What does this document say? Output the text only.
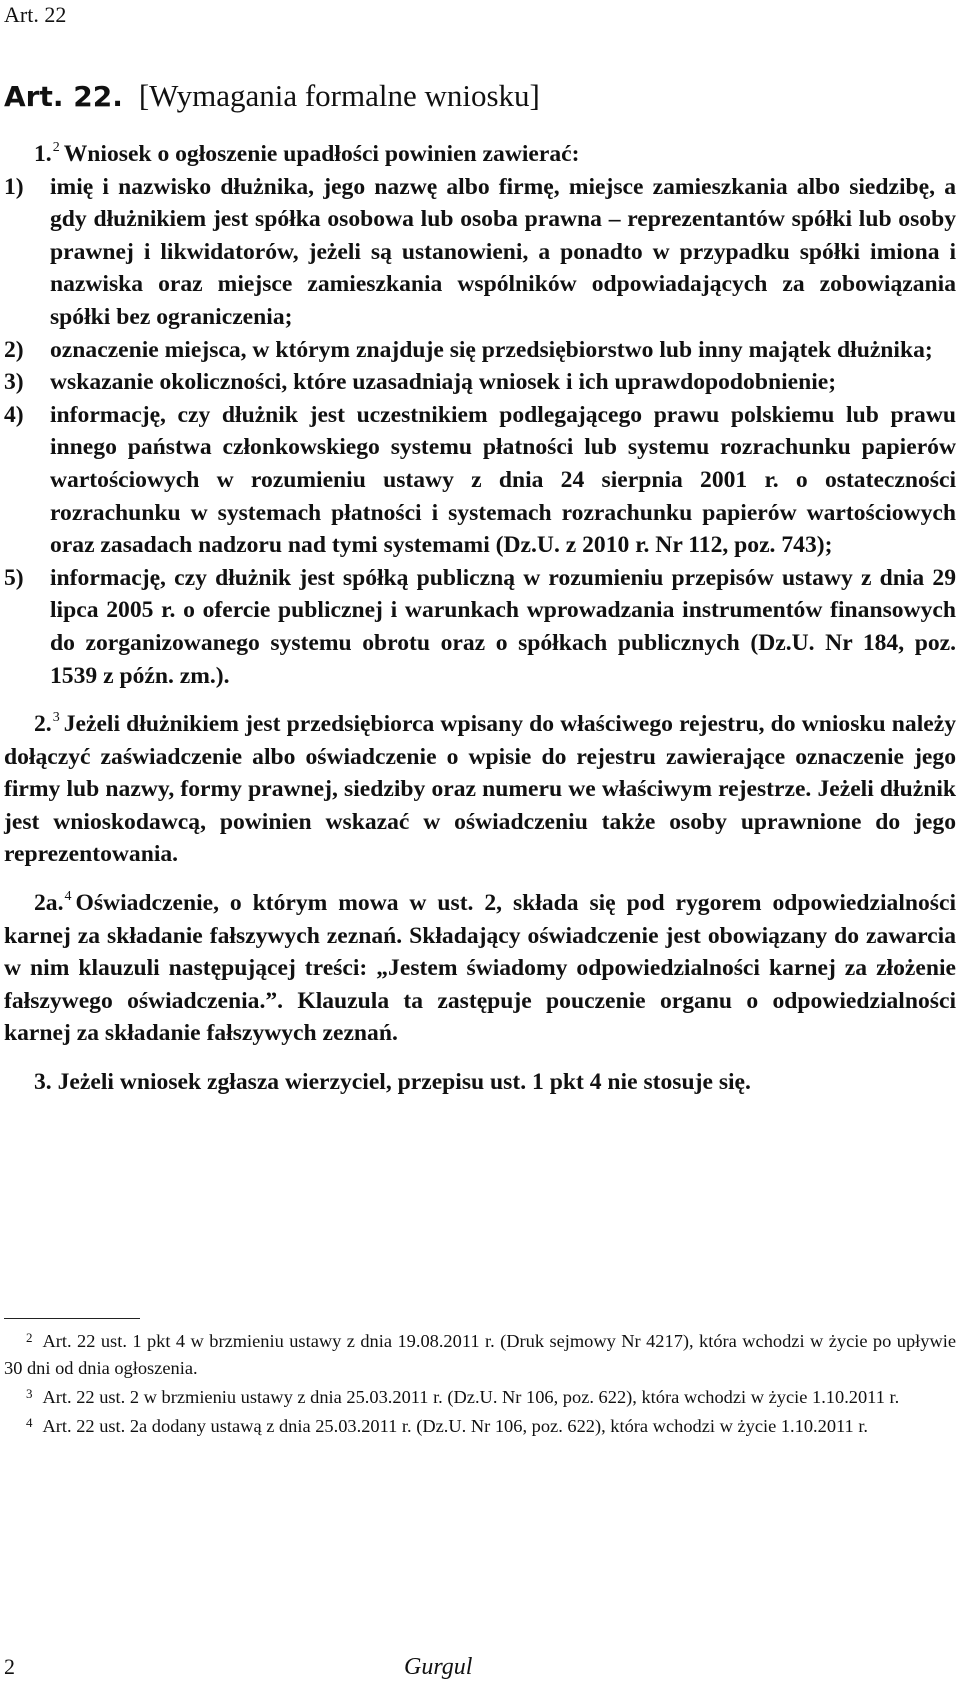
Art. 22
Art. 22. [Wymagania formalne wniosku]

1.$^2$ Wniosek o ogłoszenie upadłości powinien zawierać:

1) imię i nazwisko dłużnika, jego nazwę albo firmę, miejsce zamieszkania albo siedzibę, a gdy dłużnikiem jest spółka osobowa lub osoba prawna – reprezentantów spółki lub osoby prawnej i likwidatorów, jeżeli są ustanowieni, a ponadto w przypadku spółki imiona i nazwiska oraz miejsce zamieszkania wspólników odpowiadających za zobowiązania spółki bez ograniczenia;
2) oznaczenie miejsca, w którym znajduje się przedsiębiorstwo lub inny majątek dłużnika;
3) wskazanie okoliczności, które uzasadniają wniosek i ich uprawdopodobnienie;
4) informację, czy dłużnik jest uczestnikiem podlegającego prawu polskiemu lub prawu innego państwa członkowskiego systemu płatności lub systemu rozrachunku papierów wartościowych w rozumieniu ustawy z dnia 24 sierpnia 2001 r. o ostateczności rozrachunku w systemach płatności i systemach rozrachunku papierów wartościowych oraz zasadach nadzoru nad tymi systemami (Dz.U. z 2010 r. Nr 112, poz. 743);
5) informację, czy dłużnik jest spółką publiczną w rozumieniu przepisów ustawy z dnia 29 lipca 2005 r. o ofercie publicznej i warunkach wprowadzania instrumentów finansowych do zorganizowanego systemu obrotu oraz o spółkach publicznych (Dz.U. Nr 184, poz. 1539 z późn. zm.).

2.$^3$ Jeżeli dłużnikiem jest przedsiębiorca wpisany do właściwego rejestru, do wniosku należy dołączyć zaświadczenie albo oświadczenie o wpisie do rejestru zawierające oznaczenie jego firmy lub nazwy, formy prawnej, siedziby oraz numeru we właściwym rejestrze. Jeżeli dłużnik jest wnioskodawcą, powinien wskazać w oświadczeniu także osoby uprawnione do jego reprezentowania.

2a.$^4$ Oświadczenie, o którym mowa w ust. 2, składa się pod rygorem odpowiedzialności karnej za składanie fałszywych zeznań. Składający oświadczenie jest obowiązany do zawarcia w nim klauzuli następującej treści: „Jestem świadomy odpowiedzialności karnej za złożenie fałszywego oświadczenia.”. Klauzula ta zastępuje pouczenie organu o odpowiedzialności karnej za składanie fałszywych zeznań.

3. Jeżeli wniosek zgłasza wierzyciel, przepisu ust. 1 pkt 4 nie stosuje się.

$^2$ Art. 22 ust. 1 pkt 4 w brzmieniu ustawy z dnia 19.08.2011 r. (Druk sejmowy Nr 4217), która wchodzi w życie po upływie 30 dni od dnia ogłoszenia.

$^3$ Art. 22 ust. 2 w brzmieniu ustawy z dnia 25.03.2011 r. (Dz.U. Nr 106, poz. 622), która wchodzi w życie 1.10.2011 r.

$^4$ Art. 22 ust. 2a dodany ustawą z dnia 25.03.2011 r. (Dz.U. Nr 106, poz. 622), która wchodzi w życie 1.10.2011 r.

2	Gurgul
